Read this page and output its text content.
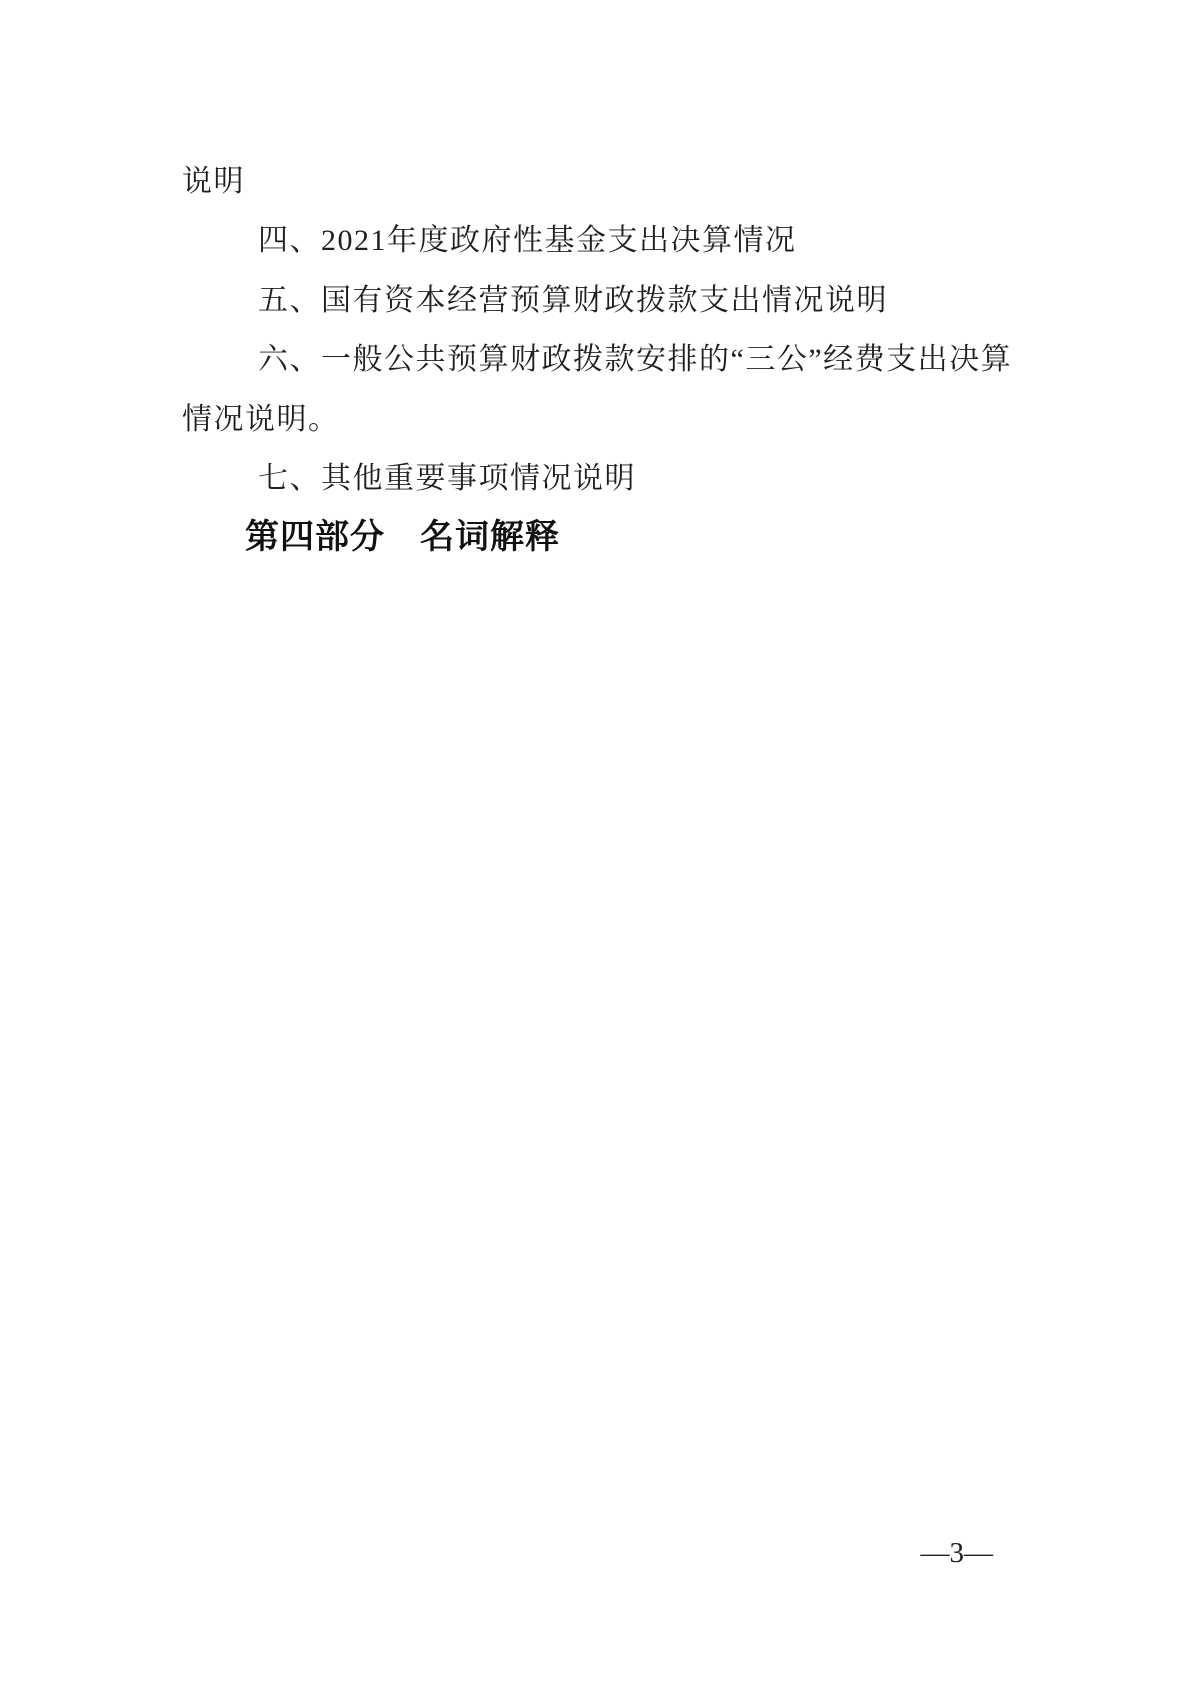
说明
四、2021年度政府性基金支出决算情况
五、国有资本经营预算财政拨款支出情况说明
六、一般公共预算财政拨款安排的“三公”经费支出决算
情况说明。
七、其他重要事项情况说明
第四部分　名词解释
—3—
